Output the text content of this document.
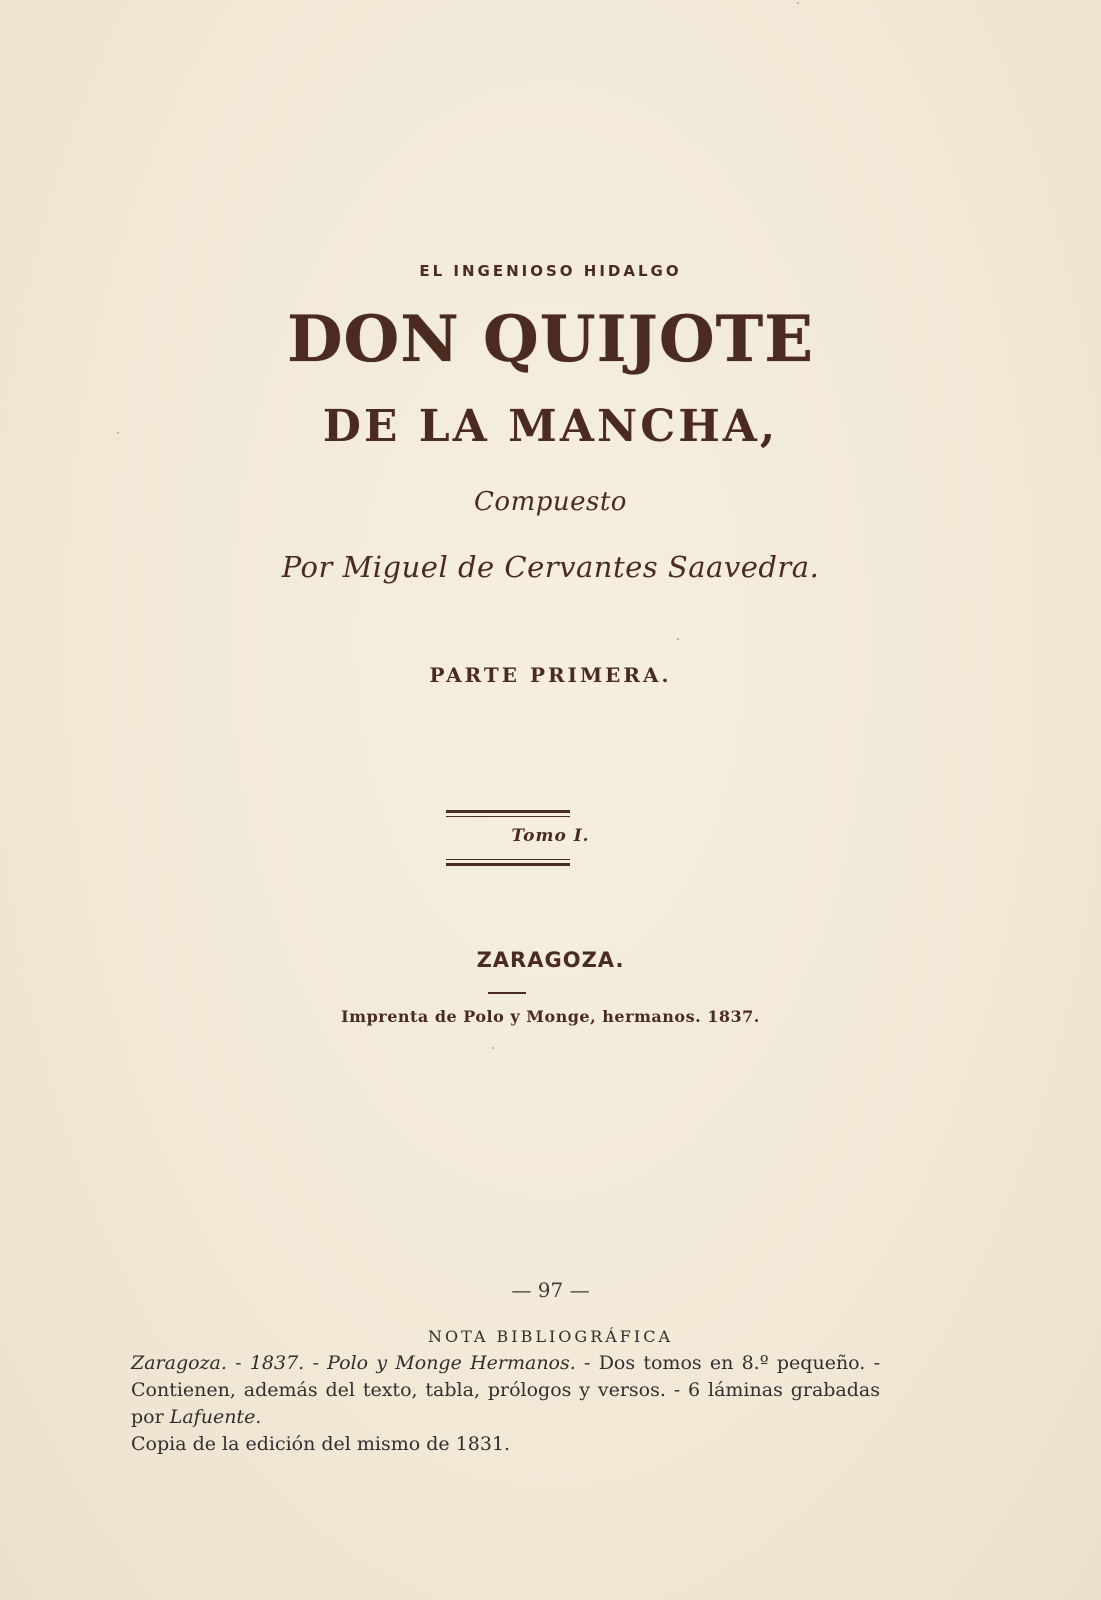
EL INGENIOSO HIDALGO
DON QUIJOTE
DE LA MANCHA,
Compuesto
Por Miguel de Cervantes Saavedra.
PARTE PRIMERA.
Tomo I.
ZARAGOZA.
Imprenta de Polo y Monge, hermanos. 1837.
— 97 —
NOTA BIBLIOGRÁFICA
Zaragoza. - 1837. - Polo y Monge Hermanos. - Dos tomos en 8.º pequeño. - Contienen, además del texto, tabla, prólogos y versos. - 6 láminas grabadas por Lafuente.
Copia de la edición del mismo de 1831.
